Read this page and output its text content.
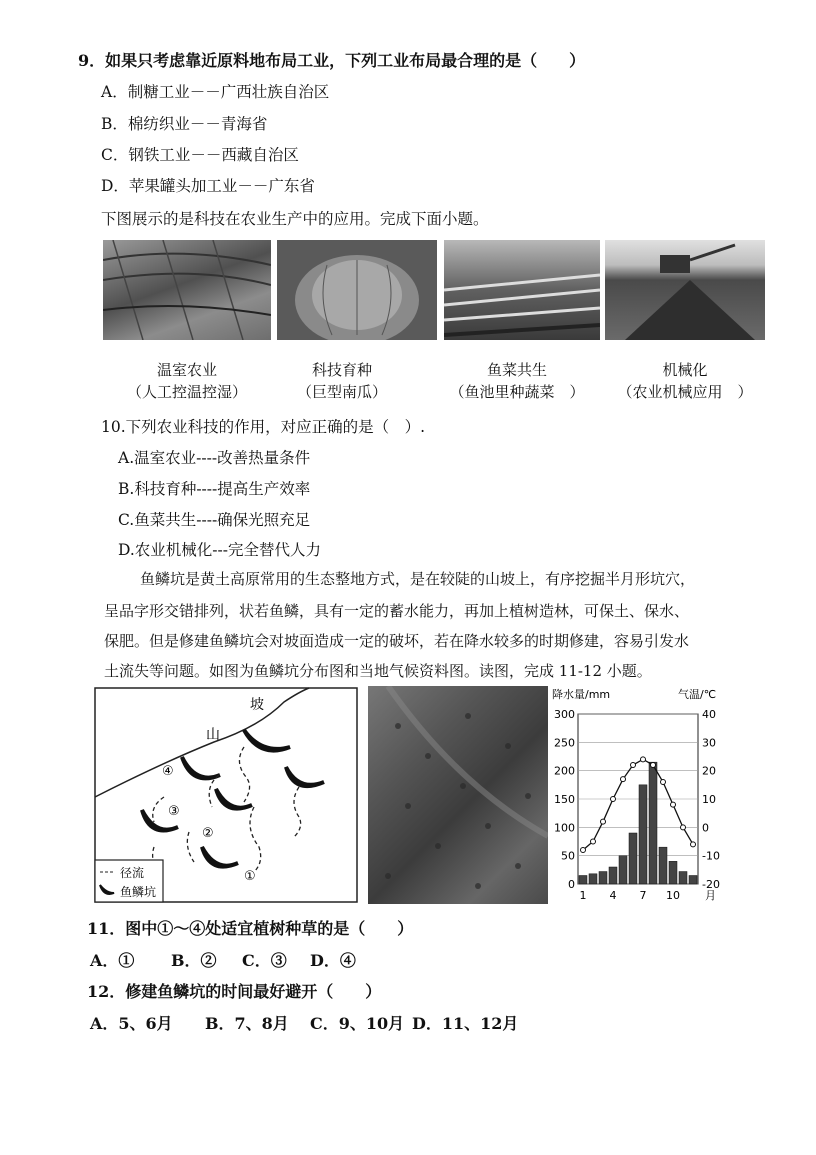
9．如果只考虑靠近原料地布局工业，下列工业布局最合理的是（　　）
A．制糖工业－－广西壮族自治区
B．棉纺织业－－青海省
C．钢铁工业－－西藏自治区
D．苹果罐头加工业－－广东省
下图展示的是科技在农业生产中的应用。完成下面小题。
温室农业
（人工控温控湿）
科技育种
（巨型南瓜）
鱼菜共生
（鱼池里种蔬菜　）
机械化
（农业机械应用　）
10.下列农业科技的作用，对应正确的是（　）.
A.温室农业----改善热量条件
B.科技育种----提高生产效率
C.鱼菜共生----确保光照充足
D.农业机械化---完全替代人力
鱼鳞坑是黄土高原常用的生态整地方式，是在较陡的山坡上，有序挖掘半月形坑穴，
呈品字形交错排列，状若鱼鳞，具有一定的蓄水能力，再加上植树造林，可保土、保水、
保肥。但是修建鱼鳞坑会对坡面造成一定的破坏，若在降水较多的时期修建，容易引发水
土流失等问题。如图为鱼鳞坑分布图和当地气候资料图。读图，完成 11-12 小题。
山
坡
④
③
②
①
径流
鱼鳞坑
降水量/mm	气温/℃
0
50
100
150
200
250
300
-20
-10
0
10
20
30
40
1 4 7 10 月
11．图中①～④处适宜植树种草的是（　　）
A．① B．② C．③ D．④
12．修建鱼鳞坑的时间最好避开（　　）
A．5、6月 B．7、8月 C．9、10月 D．11、12月
